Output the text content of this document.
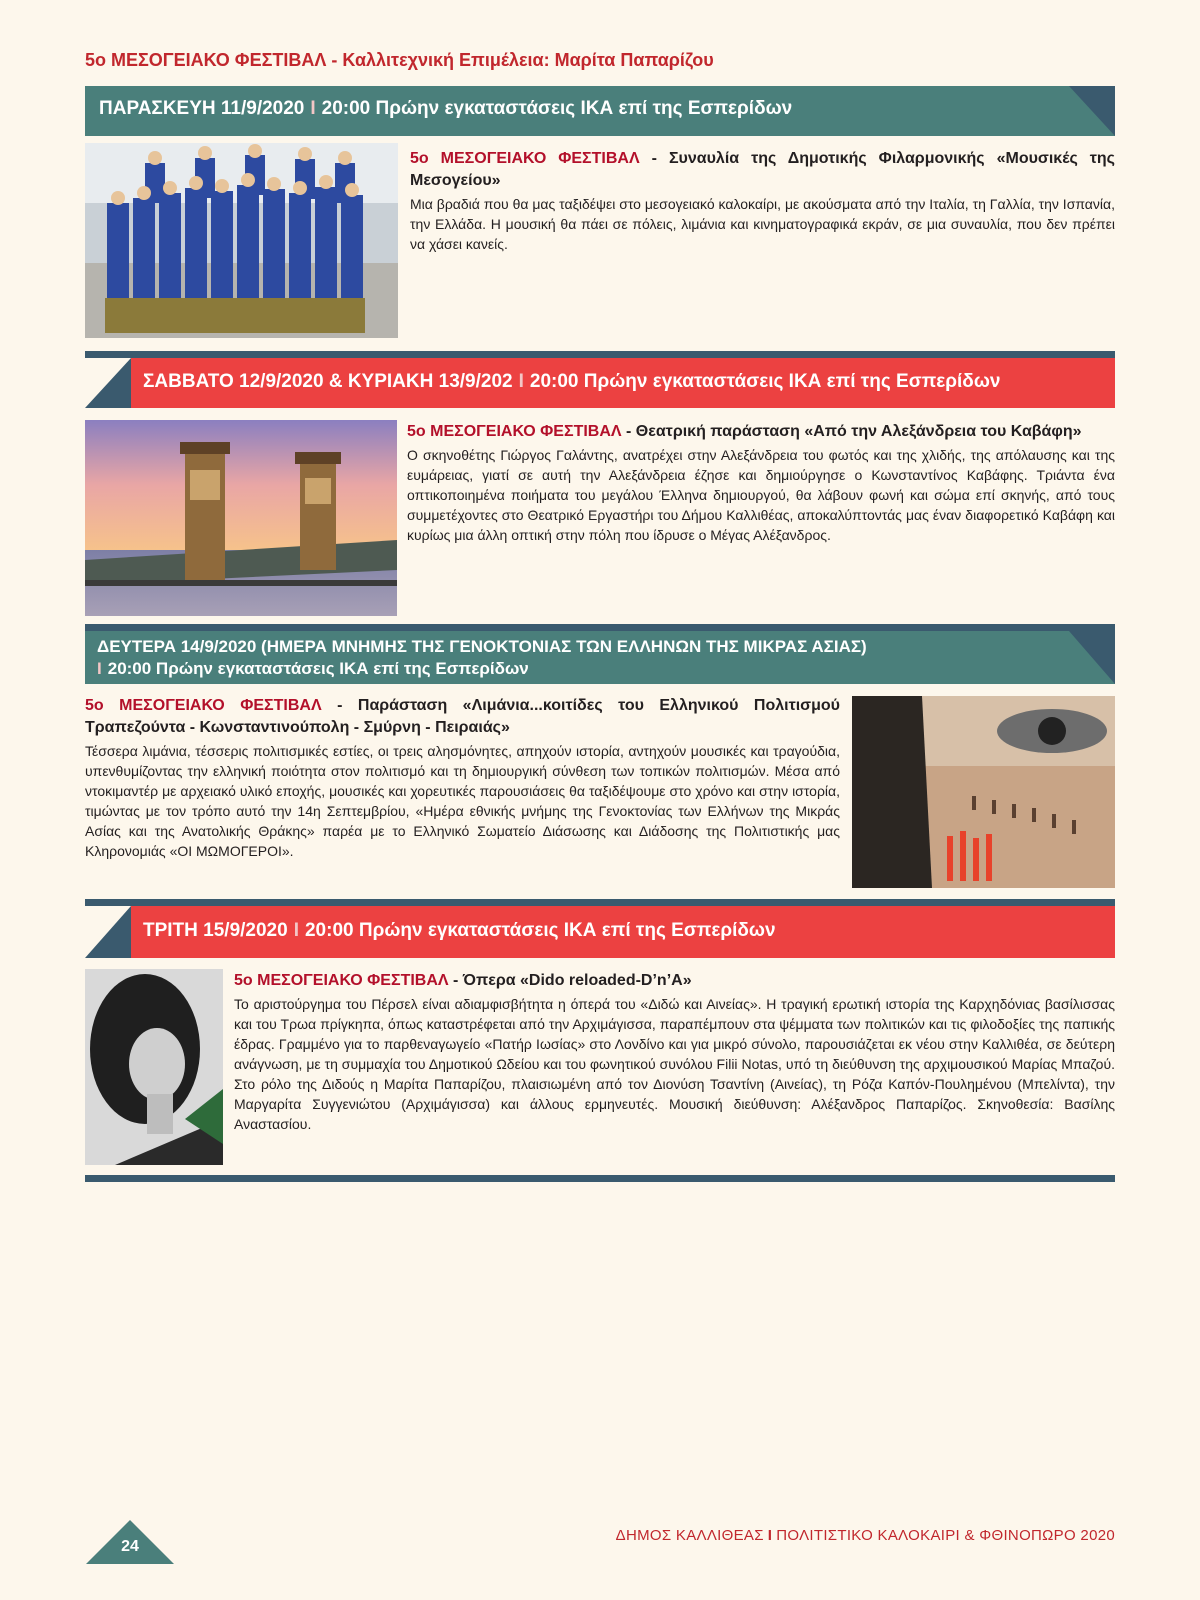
5ο ΜΕΣΟΓΕΙΑΚΟ ΦΕΣΤΙΒΑΛ - Καλλιτεχνική Επιμέλεια: Μαρίτα Παπαρίζου
ΠΑΡΑΣΚΕΥΗ 11/9/2020 I 20:00 Πρώην εγκαταστάσεις ΙΚΑ επί της Εσπερίδων
5ο ΜΕΣΟΓΕΙΑΚΟ ΦΕΣΤΙΒΑΛ - Συναυλία της Δημοτικής Φιλαρμονικής «Μουσικές της Μεσογείου»
Μια βραδιά που θα μας ταξιδέψει στο μεσογειακό καλοκαίρι, με ακούσματα από την Ιταλία, τη Γαλλία, την Ισπανία, την Ελλάδα. Η μουσική θα πάει σε πόλεις, λιμάνια και κινηματογραφικά εκράν, σε μια συναυλία, που δεν πρέπει να χάσει κανείς.
ΣΑΒΒΑΤΟ 12/9/2020 & ΚΥΡΙΑΚΗ 13/9/202 I 20:00 Πρώην εγκαταστάσεις ΙΚΑ επί της Εσπερίδων
5ο ΜΕΣΟΓΕΙΑΚΟ ΦΕΣΤΙΒΑΛ - Θεατρική παράσταση «Από την Αλεξάνδρεια του Καβάφη»
Ο σκηνοθέτης Γιώργος Γαλάντης, ανατρέχει στην Αλεξάνδρεια του φωτός και της χλιδής, της απόλαυσης και της ευμάρειας, γιατί σε αυτή την Αλεξάνδρεια έζησε και δημιούργησε ο Κωνσταντίνος Καβάφης. Τριάντα ένα οπτικοποιημένα ποιήματα του μεγάλου Έλληνα δημιουργού, θα λάβουν φωνή και σώμα επί σκηνής, από τους συμμετέχοντες στο Θεατρικό Εργαστήρι του Δήμου Καλλιθέας, αποκαλύπτοντάς μας έναν διαφορετικό Καβάφη και κυρίως μια άλλη οπτική στην πόλη που ίδρυσε ο Μέγας Αλέξανδρος.
ΔΕΥΤΕΡΑ 14/9/2020 (ΗΜΕΡΑ ΜΝΗΜΗΣ ΤΗΣ ΓΕΝΟΚΤΟΝΙΑΣ ΤΩΝ ΕΛΛΗΝΩΝ ΤΗΣ ΜΙΚΡΑΣ ΑΣΙΑΣ)
I 20:00 Πρώην εγκαταστάσεις ΙΚΑ επί της Εσπερίδων
5ο ΜΕΣΟΓΕΙΑΚΟ ΦΕΣΤΙΒΑΛ - Παράσταση «Λιμάνια...κοιτίδες του Ελληνικού Πολιτισμού Τραπεζούντα - Κωνσταντινούπολη - Σμύρνη - Πειραιάς»
Τέσσερα λιμάνια, τέσσερις πολιτισμικές εστίες, οι τρεις αλησμόνητες, απηχούν ιστορία, αντηχούν μουσικές και τραγούδια, υπενθυμίζοντας την ελληνική ποιότητα στον πολιτισμό και τη δημιουργική σύνθεση των τοπικών πολιτισμών. Μέσα από ντοκιμαντέρ με αρχειακό υλικό εποχής, μουσικές και χορευτικές παρουσιάσεις θα ταξιδέψουμε στο χρόνο και στην ιστορία, τιμώντας με τον τρόπο αυτό την 14η Σεπτεμβρίου, «Ημέρα εθνικής μνήμης της Γενοκτονίας των Ελλήνων της Μικράς Ασίας και της Ανατολικής Θράκης» παρέα με το Ελληνικό Σωματείο Διάσωσης και Διάδοσης της Πολιτιστικής μας Κληρονομιάς «ΟΙ ΜΩΜΟΓΕΡΟΙ».
ΤΡΙΤΗ 15/9/2020 I 20:00 Πρώην εγκαταστάσεις ΙΚΑ επί της Εσπερίδων
5ο ΜΕΣΟΓΕΙΑΚΟ ΦΕΣΤΙΒΑΛ - Όπερα «Dido reloaded-D’n’A»
Το αριστούργημα του Πέρσελ είναι αδιαμφισβήτητα η όπερά του «Διδώ και Αινείας». Η τραγική ερωτική ιστορία της Καρχηδόνιας βασίλισσας και του Τρωα πρίγκηπα, όπως καταστρέφεται από την Αρχιμάγισσα, παραπέμπουν στα ψέμματα των πολιτικών και τις φιλοδοξίες της παπικής έδρας. Γραμμένο για το παρθεναγωγείο «Πατήρ Ιωσίας» στο Λονδίνο και για μικρό σύνολο, παρουσιάζεται εκ νέου στην Καλλιθέα, σε δεύτερη ανάγνωση, με τη συμμαχία του Δημοτικού Ωδείου και του φωνητικού συνόλου Filii Notas, υπό τη διεύθυνση της αρχιμουσικού Μαρίας Μπαζού. Στο ρόλο της Διδούς η Μαρίτα Παπαρίζου, πλαισιωμένη από τον Διονύση Τσαντίνη (Αινείας), τη Ρόζα Καπόν-Πουλημένου (Μπελίντα), την Μαργαρίτα Συγγενιώτου (Αρχιμάγισσα) και άλλους ερμηνευτές. Μουσική διεύθυνση: Αλέξανδρος Παπαρίζος. Σκηνοθεσία: Βασίλης Αναστασίου.
24
ΔΗΜΟΣ ΚΑΛΛΙΘΕΑΣ I ΠΟΛΙΤΙΣΤΙΚΟ ΚΑΛΟΚΑΙΡΙ & ΦΘΙΝΟΠΩΡΟ 2020
